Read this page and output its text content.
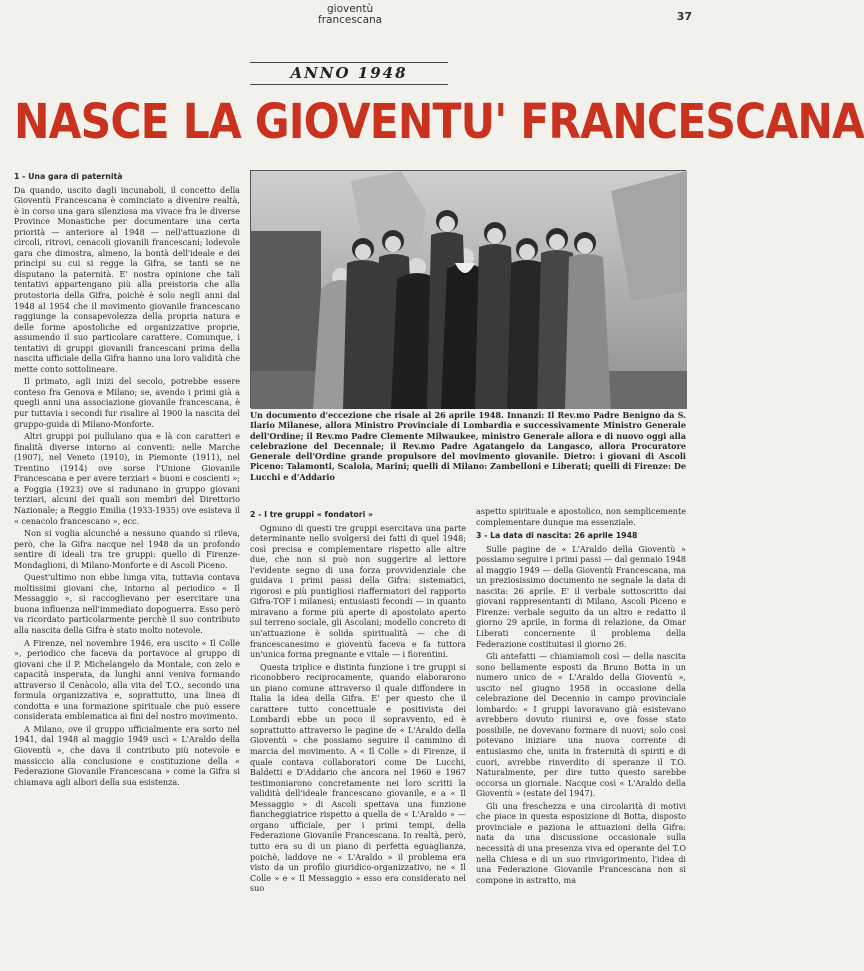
gioventù
francescana	37
ANNO 1948
NASCE LA GIOVENTU' FRANCESCANA

1 - Una gara di paternità

Da quando, uscito dagli incunaboli, il concetto della Gioventù Francescana è cominciato a divenire realtà, è in corso una gara silenziosa ma vivace fra le diverse Province Monastiche per documentare una certa priorità — anteriore al 1948 — nell'attuazione di circoli, ritrovi, cenacoli giovanili francescani; lodevole gara che dimostra, almeno, la bontà dell'ideale e dei princìpi su cui si regge la Gifra, se tanti se ne disputano la paternità. E' nostra opinione che tali tentativi appartengano più alla preistoria che alla protostoria della Gifra, poichè è solo negli anni dal 1948 al 1954 che il movimento giovanile francescano raggiunge la consapevolezza della propria natura e delle forme apostoliche ed organizzative proprie, assumendo il suo particolare carattere. Comunque, i tentativi di gruppi giovanili francescani prima della nascita ufficiale della Gifra hanno una loro validità che mette conto sottolineare.

Il primato, agli inizi del secolo, potrebbe essere conteso fra Genova e Milano; se, avendo i primi già a quegli anni una associazione giovanile francescana, è pur tuttavia i secondi fur risalire al 1900 la nascita del gruppo-guida di Milano-Monforte.

Altri gruppi poi pullulano qua e là con caratteri e finalità diverse intorno ai conventi: nelle Marche (1907), nel Veneto (1910), in Piemonte (1911), nel Trentino (1914) ove sorse l'Unione Giovanile Francescana e per avere terziari « buoni e coscienti »; a Foggia (1923) ove si radunano in gruppo giovani terziari, alcuni dei quali son membri del Direttorio Nazionale; a Reggio Emilia (1933-1935) ove esisteva il « cenacolo francescano », ecc.

Non si voglia alcunché a nessuno quando si rileva, però, che la Gifra nacque nel 1948 da un profondo sentire di ideali tra tre gruppi: quello di Firenze-Mondaglioni, di Milano-Monforte e di Ascoli Piceno.

Quest'ultimo non ebbe lunga vita, tuttavia contava moltissimi giovani che, intorno al periodico « Il Messaggio », si raccoglievano per esercitare una buona influenza nell'immediato dopoguerra. Esso però va ricordato particolarmente perchè il suo contributo alla nascita della Gifra è stato molto notevole.

A Firenze, nel novembre 1946, era uscito « Il Colle », periodico che faceva da portavoce al gruppo di giovani che il P. Michelangelo da Montale, con zelo e capacità insperata, da lunghi anni veniva formando attraverso il Cenàcolo, alla vita del T.O., secondo una formula organizzativa e, soprattutto, una linea di condotta e una formazione spirituale che può essere considerata emblematica ai fini del nostro movimento.

A Milano, ove il gruppo ufficialmente era sorto nel 1941, dal 1948 al maggio 1949 uscì « L'Araldo della Gioventù », che dava il contributo più notevole e massiccio alla conclusione e costituzione della « Federazione Giovanile Francescana » come la Gifra si chiamava agli albori della sua esistenza.

Un documento d'eccezione che risale al 26 aprile 1948. Innanzi: Il Rev.mo Padre Benigno da S. Ilario Milanese, allora Ministro Provinciale di Lombardia e successivamente Ministro Generale dell'Ordine; il Rev.mo Padre Clemente Milwaukee, ministro Generale allora e di nuovo oggi alla celebrazione del Decennale; il Rev.mo Padre Agatangelo da Langasco, allora Procuratore Generale dell'Ordine grande propulsore del movimento giovanile. Dietro: i giovani di Ascoli Piceno: Talamonti, Scalola, Marini; quelli di Milano: Zambelloni e Liberati; quelli di Firenze: De Lucchi e d'Addario

2 - I tre gruppi « fondatori »

Ognuno di questi tre gruppi esercitava una parte determinante nello svolgersi dei fatti di quel 1948; così precisa e complementare rispetto alle altre due, che non si può non suggerire al lettore l'evidente segno di una forza provvidenziale che guidava i primi passi della Gifra: sistematici, rigorosi e più puntigliosi riaffermatori del rapporto Gifra-TOF i milanesi; entusiasti fecondi — in quanto miravano a forme più aperte di apostolato aperto sul terreno sociale, gli Ascolani; modello concreto di un'attuazione è solida spiritualità — che di francescanesimo e gioventù faceva e fa tuttora un'unica forma pregnante e vitale — i fiorentini.

Questa triplice e distinta funzione i tre gruppi si riconobbero reciprocamente, quando elaborarono un piano comune attraverso il quale diffondere in Italia la idea della Gifra. E' per questo che il carattere tutto concettuale e positivista dei Lombardi ebbe un poco il sopravvento, ed è soprattutto attraverso le pagine de « L'Araldo della Gioventù » che possiamo seguire il cammino di marcia del movimento. A « Il Colle » di Firenze, il quale contava collaboratori come De Lucchi, Baldetti e D'Addario che ancora nel 1960 e 1967 testimoniarono concretamente nei loro scritti la validità dell'ideale francescano giovanile, e a « Il Messaggio » di Ascoli spettava una funzione fiancheggiatrice rispetto a quella de « L'Araldo » — organo ufficiale, per i primi tempi, della Federazione Giovanile Francescana. In realtà, però, tutto era su di un piano di perfetta eguaglianza, poichè, laddove ne « L'Araldo » il problema era visto da un profilo giuridico-organizzativo, ne « Il Colle » e « Il Messaggio » esso era considerato nel suo

aspetto spirituale e apostolico, non semplicemente complementare dunque ma essenziale.

3 - La data di nascita: 26 aprile 1948

Sulle pagine de « L'Araldo della Gioventù » possiamo seguire i primi passi — dal gennaio 1948 al maggio 1949 — della Gioventù Francescana, ma un preziosissimo documento ne segnale la data di nascita: 26 aprile. E' il verbale sottoscritto dai giovani rappresentanti di Milano, Ascoli Piceno e Firenze: verbale seguito da un altro e redatto il giorno 29 aprile, in forma di relazione, da Omar Liberati concernente il problema della Federazione costituitasi il giorno 26.

Gli antefatti — chiamiamoli così — della nascita sono bellamente esposti da Bruno Botta in un numero unico de « L'Araldo della Gioventù », uscito nel giugno 1958 in occasione della celebrazione del Decennio in campo provinciale lombardo: « I gruppi lavoravano già esistevano avrebbero dovuto riunirsi e, ove fosse stato possibile, ne dovevano formare di nuovi; solo così potevano iniziare una nuova corrente di entusiasmo che, unita in fraternità di spiriti e di cuori, avrebbe rinverdito di speranze il T.O. Naturalmente, per dire tutto questo sarebbe occorsa un giornale. Nacque così « L'Araldo della Gioventù » (estate del 1947).

Gli una freschezza e una circolarità di motivi che piace in questa esposizione di Botta, disposto provinciale e paziona le attuazioni della Gifra: nata da una discussione occasionale sulla necessità di una presenza viva ed operante del T.O nella Chiesa e di un suo rinvigorimento, l'idea di una Federazione Giovanile Francescana non si compone in astratto, ma
